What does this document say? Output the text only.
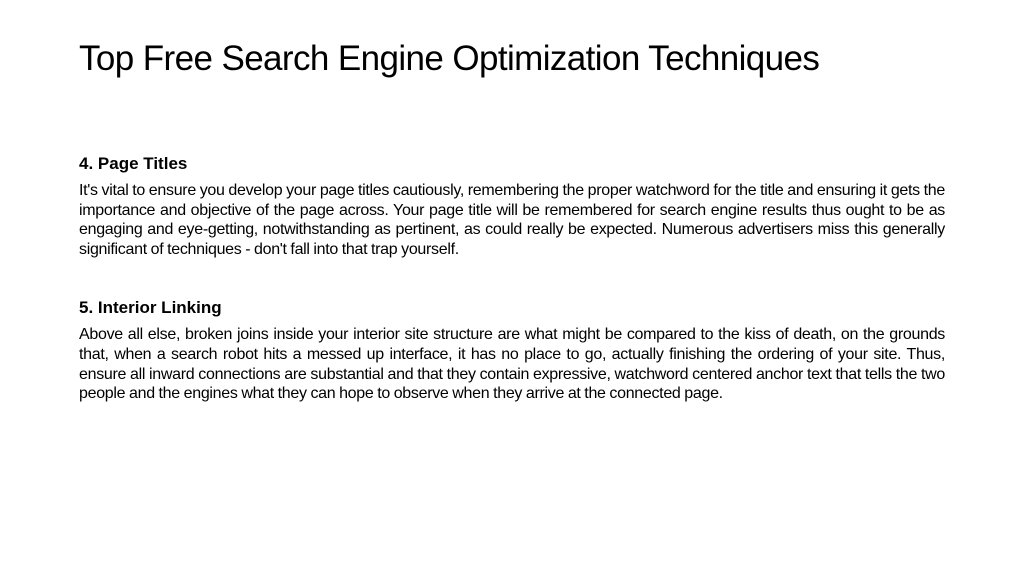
Top Free Search Engine Optimization Techniques

4. Page Titles

It's vital to ensure you develop your page titles cautiously, remembering the proper watchword for the title and ensuring it gets the importance and objective of the page across. Your page title will be remembered for search engine results thus ought to be as engaging and eye-getting, notwithstanding as pertinent, as could really be expected. Numerous advertisers miss this generally significant of techniques - don't fall into that trap yourself.

5. Interior Linking

Above all else, broken joins inside your interior site structure are what might be compared to the kiss of death, on the grounds that, when a search robot hits a messed up interface, it has no place to go, actually finishing the ordering of your site. Thus, ensure all inward connections are substantial and that they contain expressive, watchword centered anchor text that tells the two people and the engines what they can hope to observe when they arrive at the connected page.
